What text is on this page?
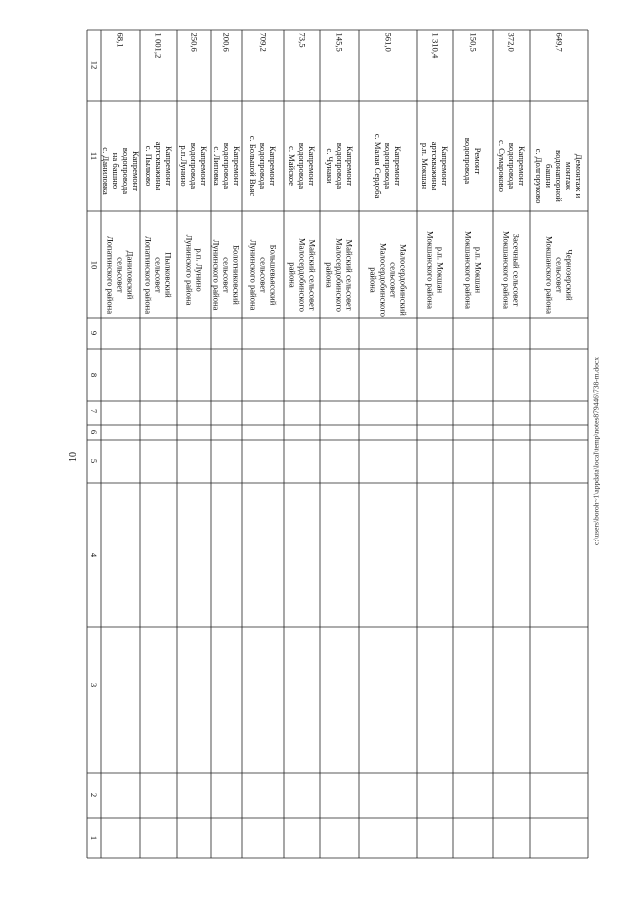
10	c:\users\boroh~1\appdata\local\temp\notes879446\738-m.docx
1
2
3
4
5
6
7
8
9
10
11
12
Даниловский
сельсовет
Лопатинского района
Капремонт
водопровода
на башню
с. Даниловка
68,1
Пылковский
сельсовет
Лопатинского района
Капремонт
артскважины
с. Пылково
1 001,2
р.п. Лунино
Лунинского района
Капремонт
водопровода
р.п.Лунино
250,6
Болотниковский
сельсовет
Лунинского района
Капремонт
водопровода
с. Липовка
200,6
Большевьясский
сельсовет
Лунинского района
Капремонт
водопровода
с. Большой Вьяс
709,2
Майский сельсовет
Малосердобинского
района
Капремонт
водопровода
с. Майское
73,5
Майский сельсовет
Малосердобинского
района
Капремонт
водопровода
с. Чунаки
145,5
Малосердобинский
сельсовет
Малосердобинского
района
Капремонт
водопровода
с. Малая Сердоба
561,0
р.п. Мокшан
Мокшанского района
Капремонт
артскважины
р.п. Мокшан
1 310,4
р.п. Мокшан
Мокшанского района
Ремонт
водопровода
150,5
Засечный сельсовет
Мокшанского района
Капремонт
водопровода
с. Сумароково
372,0
Чернозерский
сельсовет
Мокшанского района
Демонтаж и
монтаж
водонапорной
башни
с. Долгоруково
649,7
